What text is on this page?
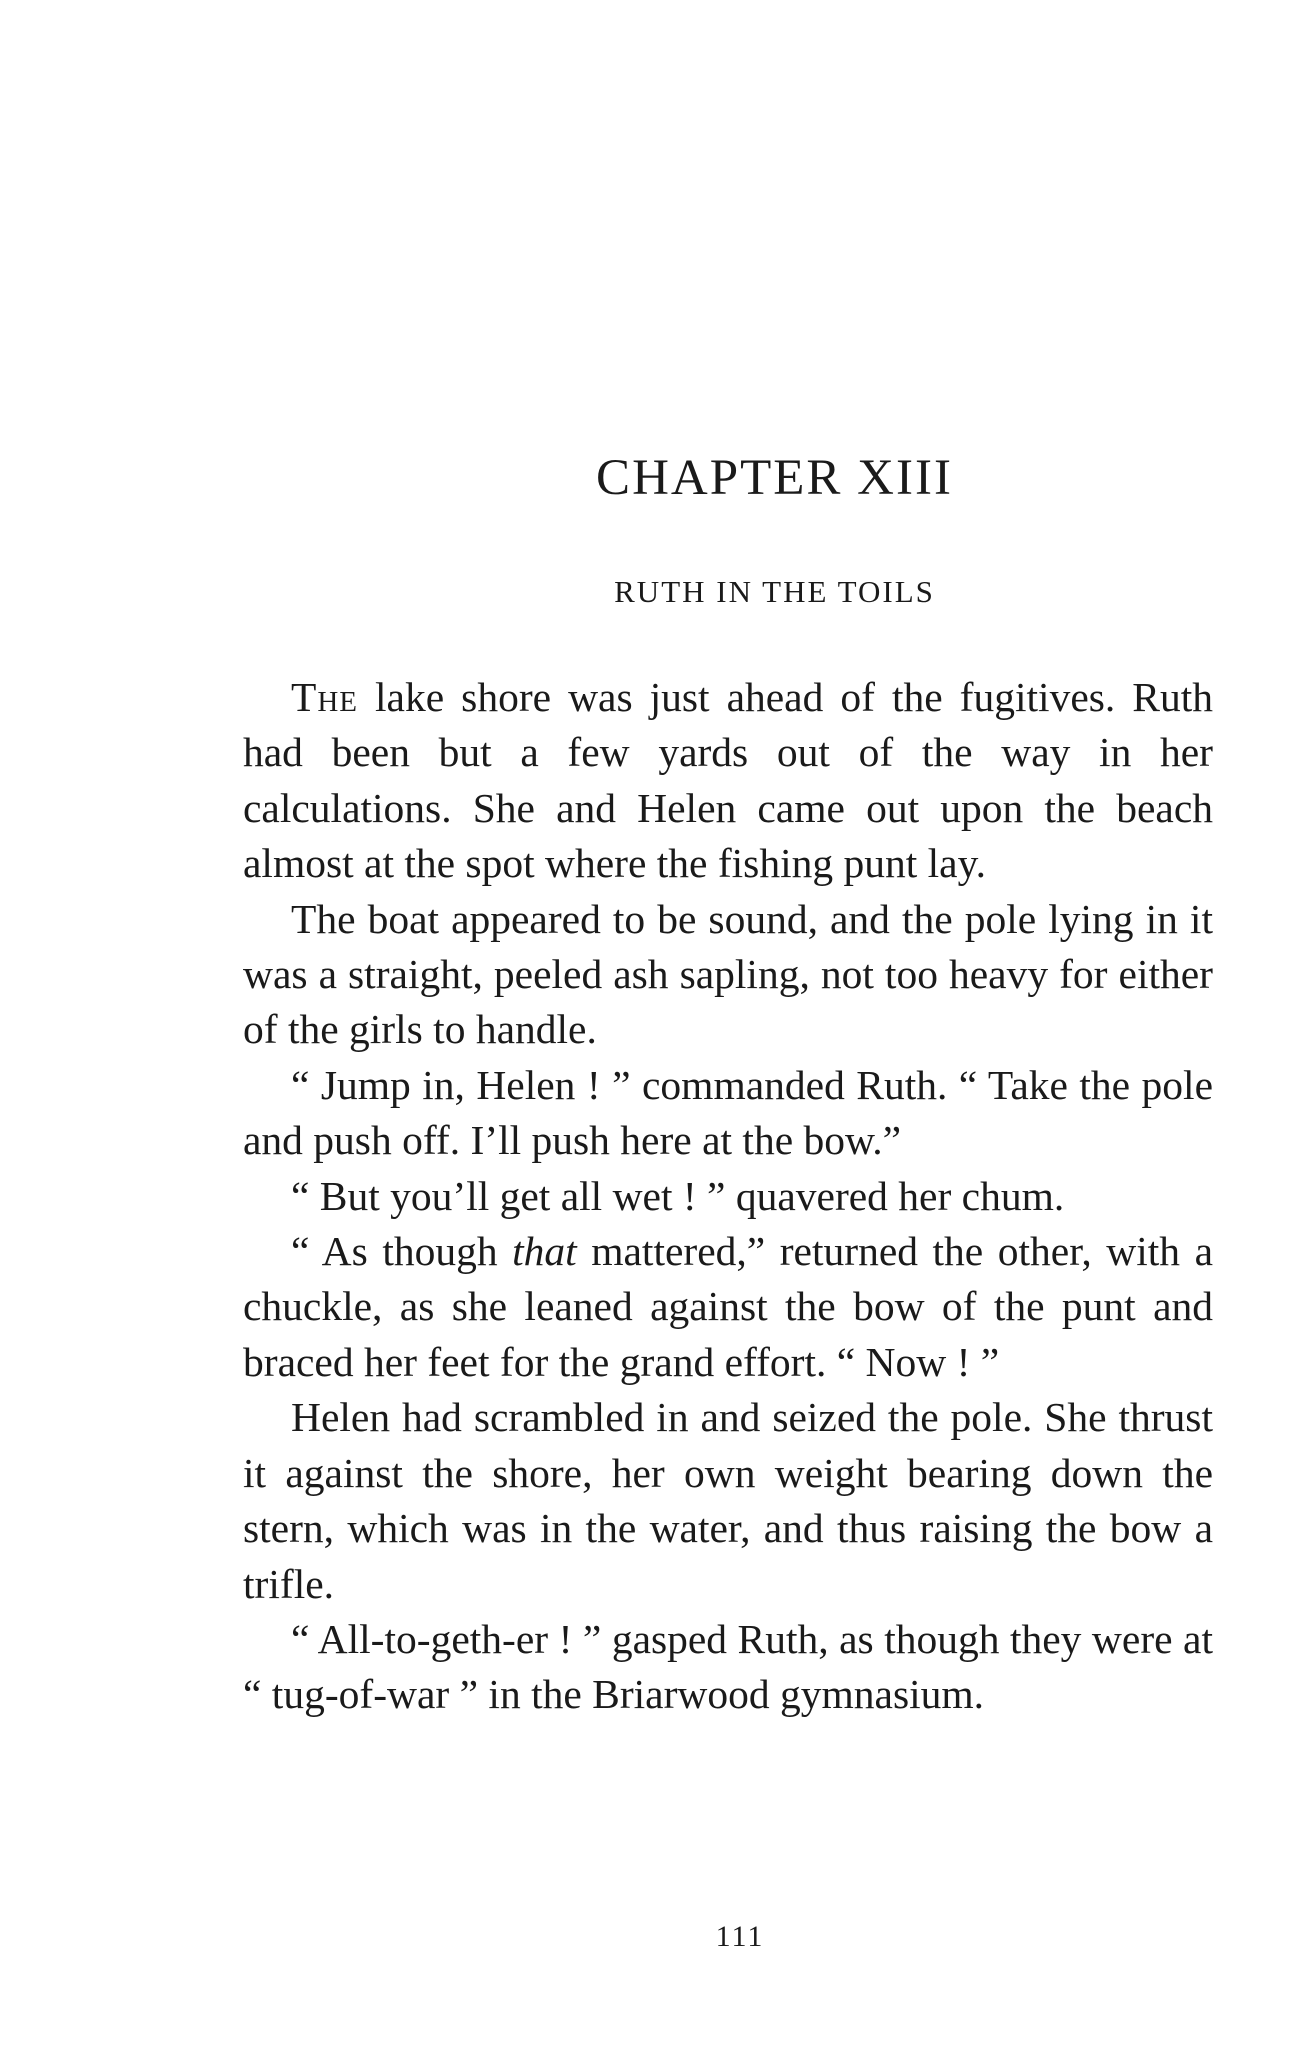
CHAPTER XIII
RUTH IN THE TOILS

The lake shore was just ahead of the fugitives. Ruth had been but a few yards out of the way in her calculations. She and Helen came out upon the beach almost at the spot where the fishing punt lay.

The boat appeared to be sound, and the pole lying in it was a straight, peeled ash sapling, not too heavy for either of the girls to handle.

“ Jump in, Helen ! ” commanded Ruth. “ Take the pole and push off. I’ll push here at the bow.”

“ But you’ll get all wet ! ” quavered her chum.

“ As though that mattered,” returned the other, with a chuckle, as she leaned against the bow of the punt and braced her feet for the grand effort. “ Now ! ”

Helen had scrambled in and seized the pole. She thrust it against the shore, her own weight bearing down the stern, which was in the water, and thus raising the bow a trifle.

“ All-to-geth-er ! ” gasped Ruth, as though they were at “ tug-of-war ” in the Briarwood gymnasium.

111
